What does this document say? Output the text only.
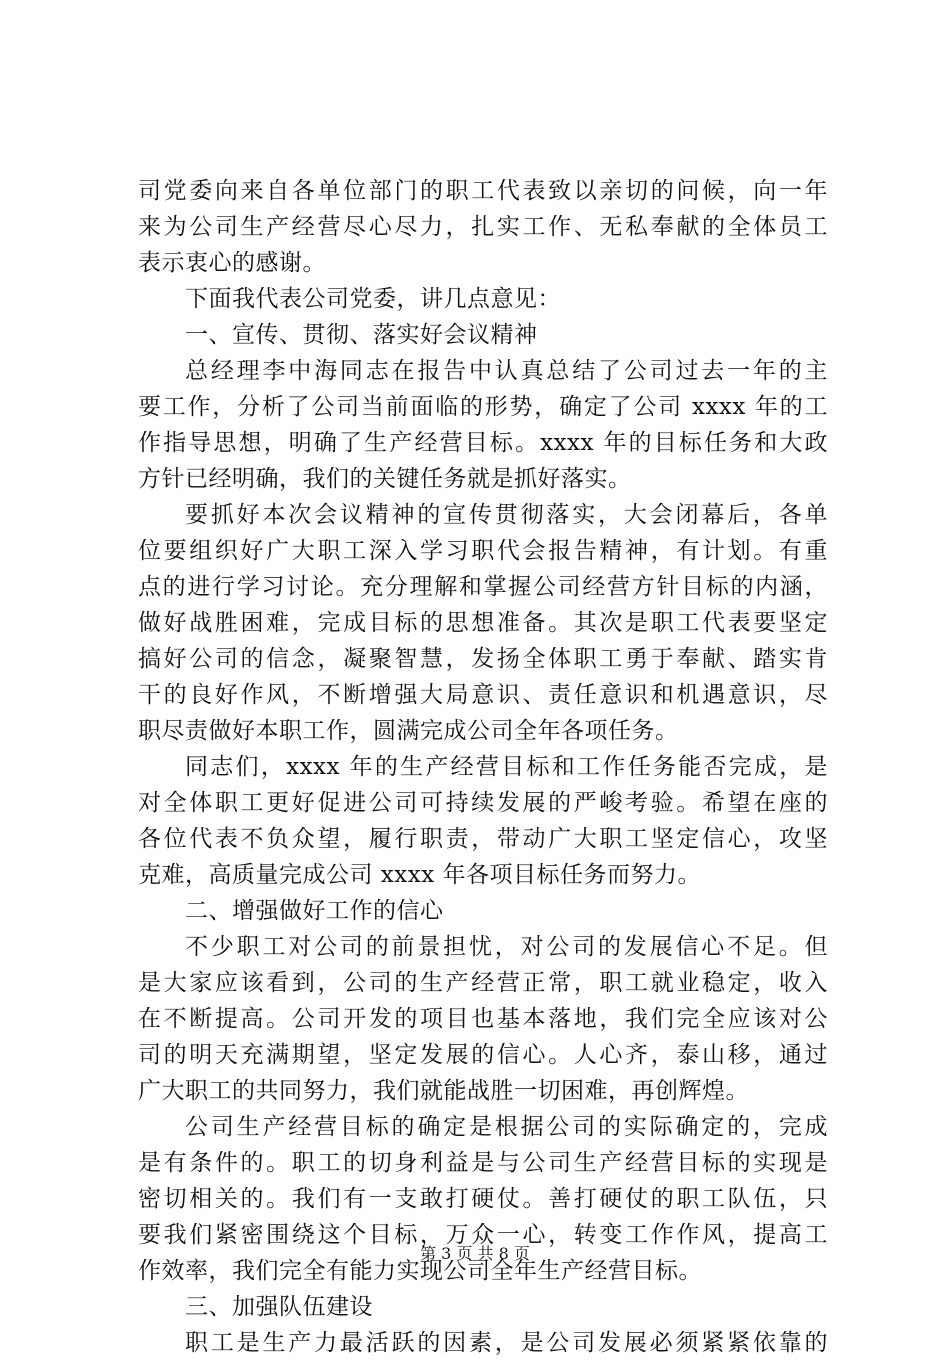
司党委向来自各单位部门的职工代表致以亲切的问候，向一年
来为公司生产经营尽心尽力，扎实工作、无私奉献的全体员工
表示衷心的感谢。
下面我代表公司党委，讲几点意见：
一、宣传、贯彻、落实好会议精神
总经理李中海同志在报告中认真总结了公司过去一年的主
要工作，分析了公司当前面临的形势，确定了公司 xxxx 年的工
作指导思想，明确了生产经营目标。xxxx 年的目标任务和大政
方针已经明确，我们的关键任务就是抓好落实。
要抓好本次会议精神的宣传贯彻落实，大会闭幕后，各单
位要组织好广大职工深入学习职代会报告精神，有计划。有重
点的进行学习讨论。充分理解和掌握公司经营方针目标的内涵，
做好战胜困难，完成目标的思想准备。其次是职工代表要坚定
搞好公司的信念，凝聚智慧，发扬全体职工勇于奉献、踏实肯
干的良好作风，不断增强大局意识、责任意识和机遇意识，尽
职尽责做好本职工作，圆满完成公司全年各项任务。
同志们，xxxx 年的生产经营目标和工作任务能否完成，是
对全体职工更好促进公司可持续发展的严峻考验。希望在座的
各位代表不负众望，履行职责，带动广大职工坚定信心，攻坚
克难，高质量完成公司 xxxx 年各项目标任务而努力。
二、增强做好工作的信心
不少职工对公司的前景担忧，对公司的发展信心不足。但
是大家应该看到，公司的生产经营正常，职工就业稳定，收入
在不断提高。公司开发的项目也基本落地，我们完全应该对公
司的明天充满期望，坚定发展的信心。人心齐，泰山移，通过
广大职工的共同努力，我们就能战胜一切困难，再创辉煌。
公司生产经营目标的确定是根据公司的实际确定的，完成
是有条件的。职工的切身利益是与公司生产经营目标的实现是
密切相关的。我们有一支敢打硬仗。善打硬仗的职工队伍，只
要我们紧密围绕这个目标，万众一心，转变工作作风，提高工
作效率，我们完全有能力实现公司全年生产经营目标。
三、加强队伍建设
职工是生产力最活跃的因素，是公司发展必须紧紧依靠的
第 3 页 共 8 页
